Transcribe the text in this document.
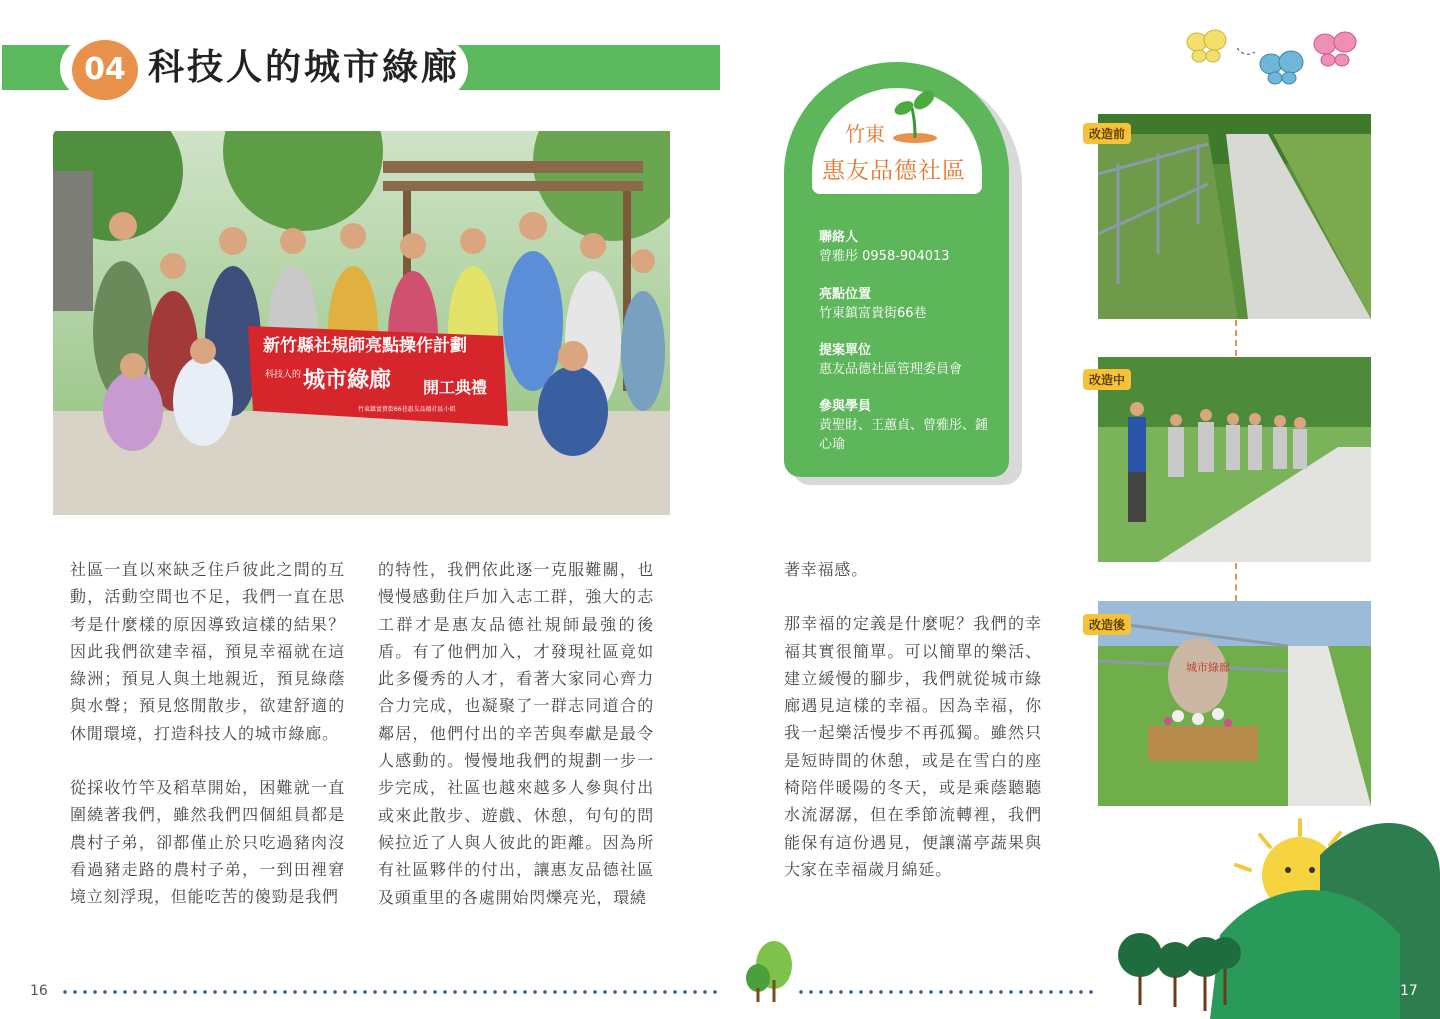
04 科技人的城市綠廊
新竹縣社規師亮點操作計劃
科技人的 城市綠廊 開工典禮
竹東鎮富貴街66巷惠友品德社區小組

社區一直以來缺乏住戶彼此之間的互動，活動空間也不足，我們一直在思考是什麼樣的原因導致這樣的結果？因此我們欲建幸福，預見幸福就在這綠洲；預見人與土地親近，預見綠蔭與水聲；預見悠閒散步，欲建舒適的休閒環境，打造科技人的城市綠廊。

從採收竹竿及稻草開始，困難就一直圍繞著我們，雖然我們四個組員都是農村子弟，卻都僅止於只吃過豬肉沒看過豬走路的農村子弟，一到田裡窘境立刻浮現，但能吃苦的傻勁是我們

的特性，我們依此逐一克服難關，也慢慢感動住戶加入志工群，強大的志工群才是惠友品德社規師最強的後盾。有了他們加入，才發現社區竟如此多優秀的人才，看著大家同心齊力合力完成，也凝聚了一群志同道合的鄰居，他們付出的辛苦與奉獻是最令人感動的。慢慢地我們的規劃一步一步完成，社區也越來越多人參與付出或來此散步、遊戲、休憩，句句的問候拉近了人與人彼此的距離。因為所有社區夥伴的付出，讓惠友品德社區及頭重里的各處開始閃爍亮光，環繞

著幸福感。

那幸福的定義是什麼呢？我們的幸福其實很簡單。可以簡單的樂活、建立緩慢的腳步，我們就從城市綠廊遇見這樣的幸福。因為幸福，你我一起樂活慢步不再孤獨。雖然只是短時間的休憩，或是在雪白的座椅陪伴暖陽的冬天，或是乘蔭聽聽水流潺潺，但在季節流轉裡，我們能保有這份遇見，便讓滿亭蔬果與大家在幸福歲月綿延。

竹東
惠友品德社區
聯絡人
曾雅彤 0958-904013
亮點位置
竹東鎮富貴街66巷
提案單位
惠友品德社區管理委員會
參與學員
黃聖財、王蕙貞、曾雅彤、鍾心瑜
改造前
改造中
城市綠廊
改造後
16	17
